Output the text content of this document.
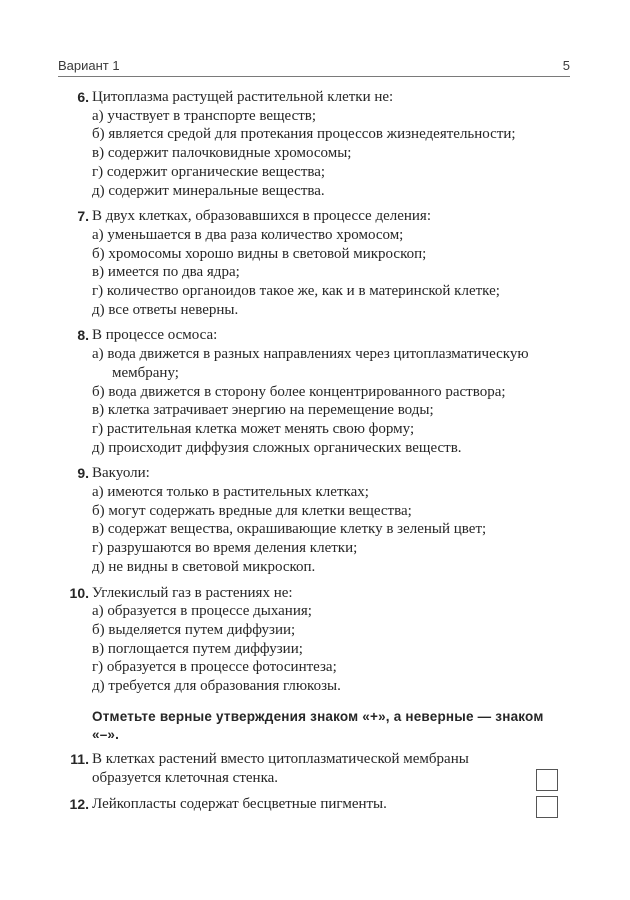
Вариант 1	5
6. Цитоплазма растущей растительной клетки не:
а) участвует в транспорте веществ;
б) является средой для протекания процессов жизнедеятельности;
в) содержит палочковидные хромосомы;
г) содержит органические вещества;
д) содержит минеральные вещества.
7. В двух клетках, образовавшихся в процессе деления:
а) уменьшается в два раза количество хромосом;
б) хромосомы хорошо видны в световой микроскоп;
в) имеется по два ядра;
г) количество органоидов такое же, как и в материнской клетке;
д) все ответы неверны.
8. В процессе осмоса:
а) вода движется в разных направлениях через цитоплазматическую мембрану;
б) вода движется в сторону более концентрированного раствора;
в) клетка затрачивает энергию на перемещение воды;
г) растительная клетка может менять свою форму;
д) происходит диффузия сложных органических веществ.
9. Вакуоли:
а) имеются только в растительных клетках;
б) могут содержать вредные для клетки вещества;
в) содержат вещества, окрашивающие клетку в зеленый цвет;
г) разрушаются во время деления клетки;
д) не видны в световой микроскоп.
10. Углекислый газ в растениях не:
а) образуется в процессе дыхания;
б) выделяется путем диффузии;
в) поглощается путем диффузии;
г) образуется в процессе фотосинтеза;
д) требуется для образования глюкозы.
Отметьте верные утверждения знаком «+», а неверные — знаком «–».
11. В клетках растений вместо цитоплазматической мембраны образуется клеточная стенка.
12. Лейкопласты содержат бесцветные пигменты.
